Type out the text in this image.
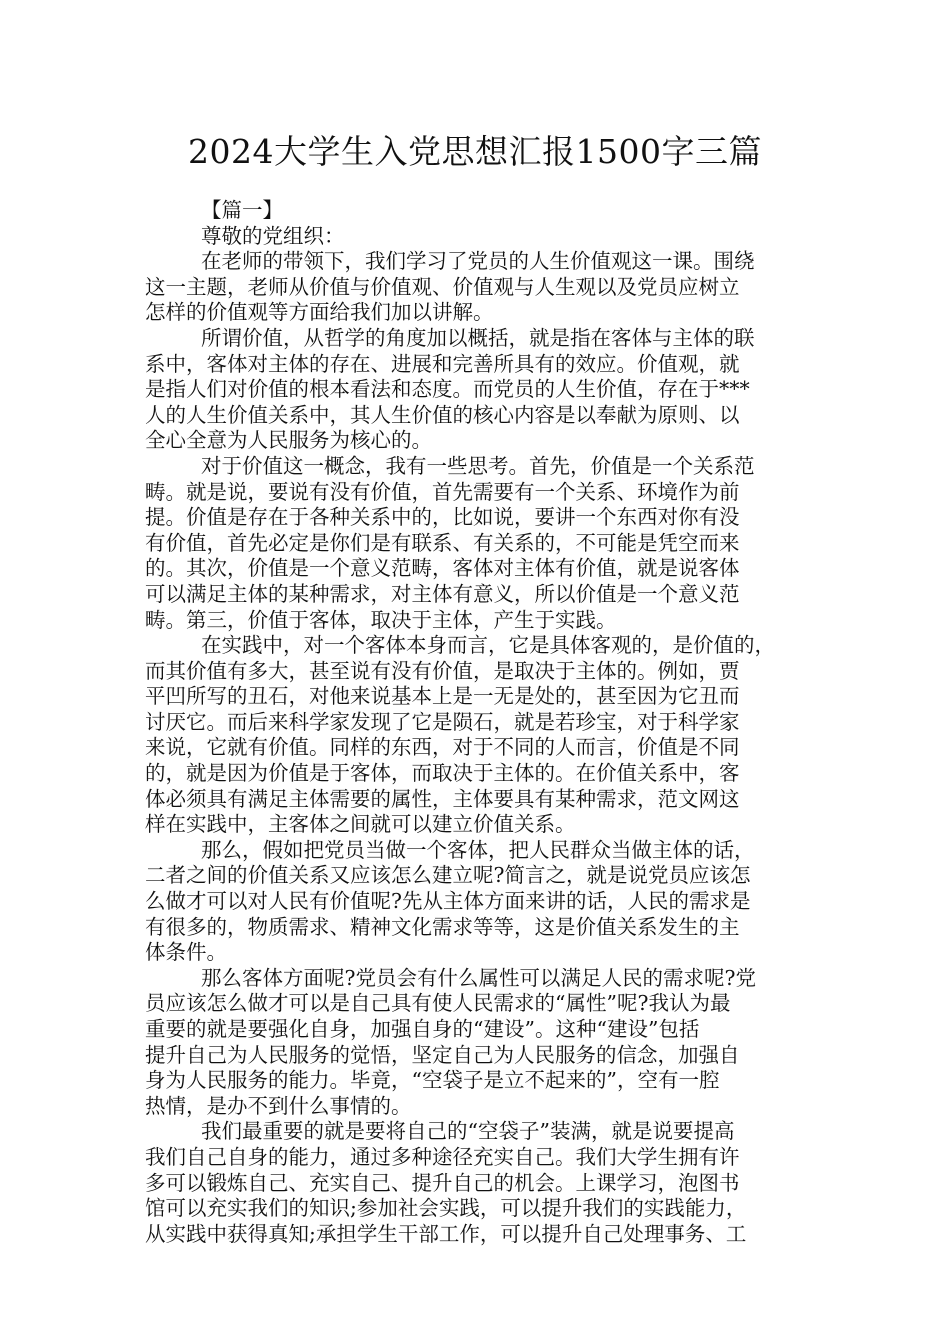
2024大学生入党思想汇报1500字三篇
【篇一】
尊敬的党组织：
在老师的带领下，我们学习了党员的人生价值观这一课。围绕
这一主题，老师从价值与价值观、价值观与人生观以及党员应树立
怎样的价值观等方面给我们加以讲解。
所谓价值，从哲学的角度加以概括，就是指在客体与主体的联
系中，客体对主体的存在、进展和完善所具有的效应。价值观，就
是指人们对价值的根本看法和态度。而党员的人生价值，存在于***
人的人生价值关系中，其人生价值的核心内容是以奉献为原则、以
全心全意为人民服务为核心的。
对于价值这一概念，我有一些思考。首先，价值是一个关系范
畴。就是说，要说有没有价值，首先需要有一个关系、环境作为前
提。价值是存在于各种关系中的，比如说，要讲一个东西对你有没
有价值，首先必定是你们是有联系、有关系的，不可能是凭空而来
的。其次，价值是一个意义范畴，客体对主体有价值，就是说客体
可以满足主体的某种需求，对主体有意义，所以价值是一个意义范
畴。第三，价值于客体，取决于主体，产生于实践。
在实践中，对一个客体本身而言，它是具体客观的，是价值的，
而其价值有多大，甚至说有没有价值，是取决于主体的。例如，贾
平凹所写的丑石，对他来说基本上是一无是处的，甚至因为它丑而
讨厌它。而后来科学家发现了它是陨石，就是若珍宝，对于科学家
来说，它就有价值。同样的东西，对于不同的人而言，价值是不同
的，就是因为价值是于客体，而取决于主体的。在价值关系中，客
体必须具有满足主体需要的属性，主体要具有某种需求，范文网这
样在实践中，主客体之间就可以建立价值关系。
那么，假如把党员当做一个客体，把人民群众当做主体的话，
二者之间的价值关系又应该怎么建立呢?简言之，就是说党员应该怎
么做才可以对人民有价值呢?先从主体方面来讲的话，人民的需求是
有很多的，物质需求、精神文化需求等等，这是价值关系发生的主
体条件。
那么客体方面呢?党员会有什么属性可以满足人民的需求呢?党
员应该怎么做才可以是自己具有使人民需求的“属性”呢?我认为最
重要的就是要强化自身，加强自身的“建设”。这种“建设”包括
提升自己为人民服务的觉悟，坚定自己为人民服务的信念，加强自
身为人民服务的能力。毕竟，“空袋子是立不起来的”，空有一腔
热情，是办不到什么事情的。
我们最重要的就是要将自己的“空袋子”装满，就是说要提高
我们自己自身的能力，通过多种途径充实自己。我们大学生拥有许
多可以锻炼自己、充实自己、提升自己的机会。上课学习，泡图书
馆可以充实我们的知识;参加社会实践，可以提升我们的实践能力，
从实践中获得真知;承担学生干部工作，可以提升自己处理事务、工
